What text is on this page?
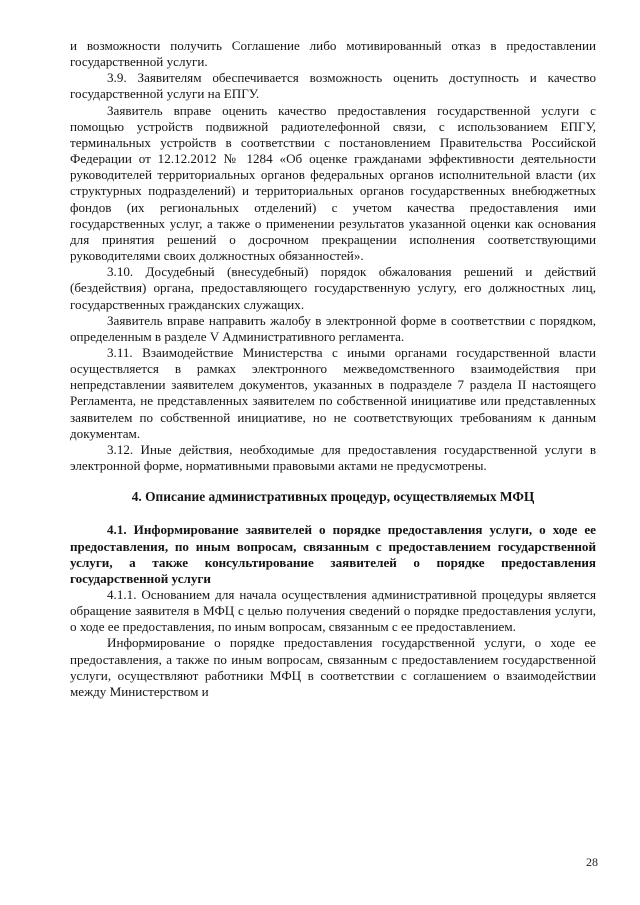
и возможности получить Соглашение либо мотивированный отказ в предоставлении государственной услуги.

3.9. Заявителям обеспечивается возможность оценить доступность и качество государственной услуги на ЕПГУ.

Заявитель вправе оценить качество предоставления государственной услуги с помощью устройств подвижной радиотелефонной связи, с использованием ЕПГУ, терминальных устройств в соответствии с постановлением Правительства Российской Федерации от 12.12.2012 № 1284 «Об оценке гражданами эффективности деятельности руководителей территориальных органов федеральных органов исполнительной власти (их структурных подразделений) и территориальных органов государственных внебюджетных фондов (их региональных отделений) с учетом качества предоставления ими государственных услуг, а также о применении результатов указанной оценки как основания для принятия решений о досрочном прекращении исполнения соответствующими руководителями своих должностных обязанностей».

3.10. Досудебный (внесудебный) порядок обжалования решений и действий (бездействия) органа, предоставляющего государственную услугу, его должностных лиц, государственных гражданских служащих.

Заявитель вправе направить жалобу в электронной форме в соответствии с порядком, определенным в разделе V Административного регламента.

3.11. Взаимодействие Министерства с иными органами государственной власти осуществляется в рамках электронного межведомственного взаимодействия при непредставлении заявителем документов, указанных в подразделе 7 раздела II настоящего Регламента, не представленных заявителем по собственной инициативе или представленных заявителем по собственной инициативе, но не соответствующих требованиям к данным документам.

3.12. Иные действия, необходимые для предоставления государственной услуги в электронной форме, нормативными правовыми актами не предусмотрены.

4. Описание административных процедур, осуществляемых МФЦ

4.1. Информирование заявителей о порядке предоставления услуги, о ходе ее предоставления, по иным вопросам, связанным с предоставлением государственной услуги, а также консультирование заявителей о порядке предоставления государственной услуги

4.1.1. Основанием для начала осуществления административной процедуры является обращение заявителя в МФЦ с целью получения сведений о порядке предоставления услуги, о ходе ее предоставления, по иным вопросам, связанным с ее предоставлением.

Информирование о порядке предоставления государственной услуги, о ходе ее предоставления, а также по иным вопросам, связанным с предоставлением государственной услуги, осуществляют работники МФЦ в соответствии с соглашением о взаимодействии между Министерством и

28
